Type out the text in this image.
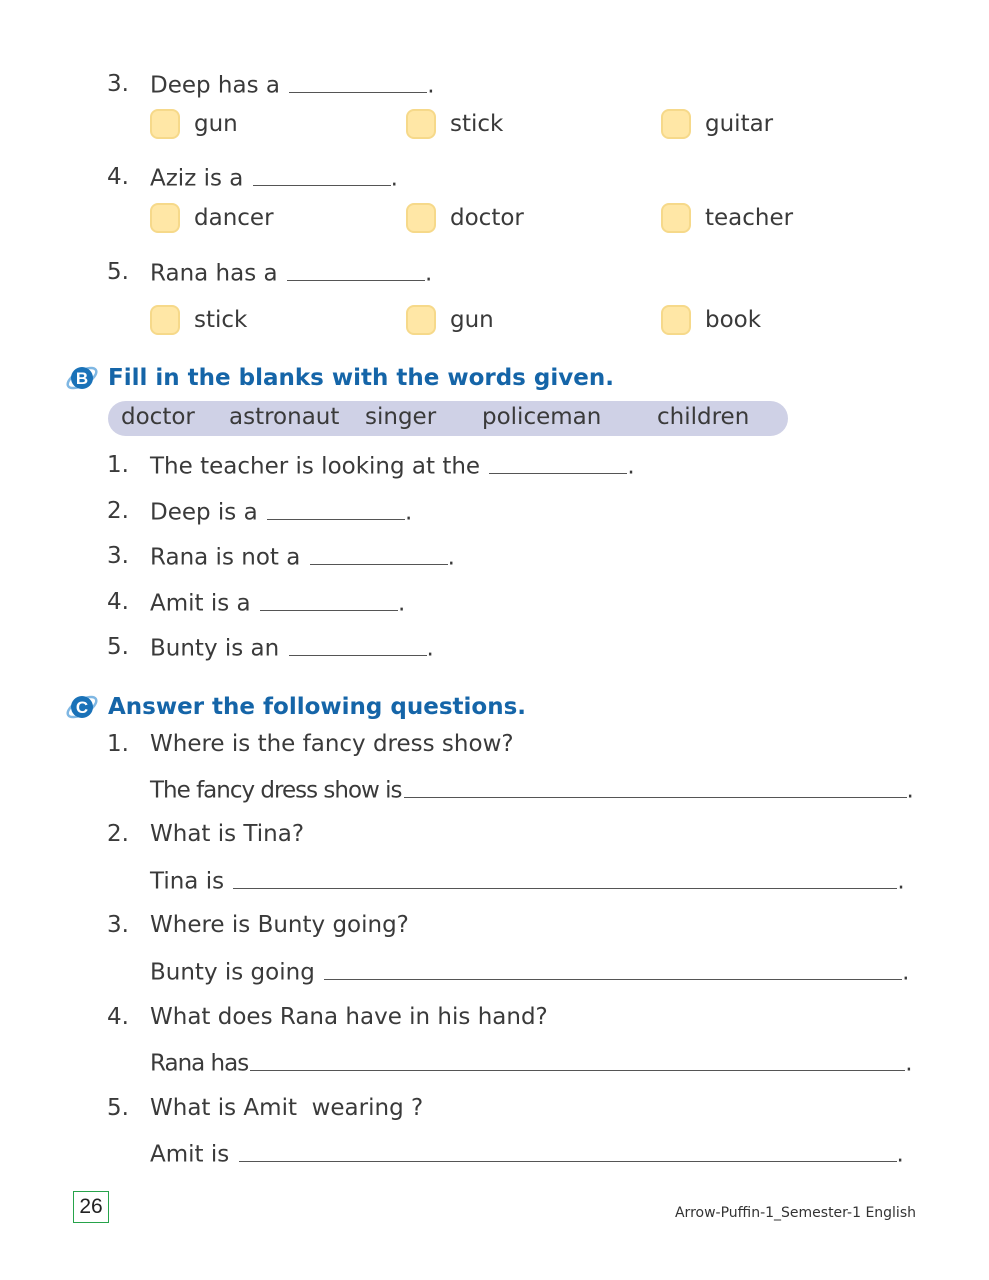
3. Deep has a	.
gun	stick	guitar
4. Aziz is a	.
dancer	doctor	teacher
5. Rana has a	.
stick	gun	book
B Fill in the blanks with the words given.
doctor astronaut singer policeman children
1. The teacher is looking at the	.
2. Deep is a	.
3. Rana is not a	.
4. Amit is a	.
5. Bunty is an	.
C Answer the following questions.
1. Where is the fancy dress show?
The fancy dress show is	.
2. What is Tina?
Tina is	.
3. Where is Bunty going?
Bunty is going	.
4. What does Rana have in his hand?
Rana has	.
5. What is Amit  wearing ?
Amit is	.
26	Arrow-Puffin-1_Semester-1 English
